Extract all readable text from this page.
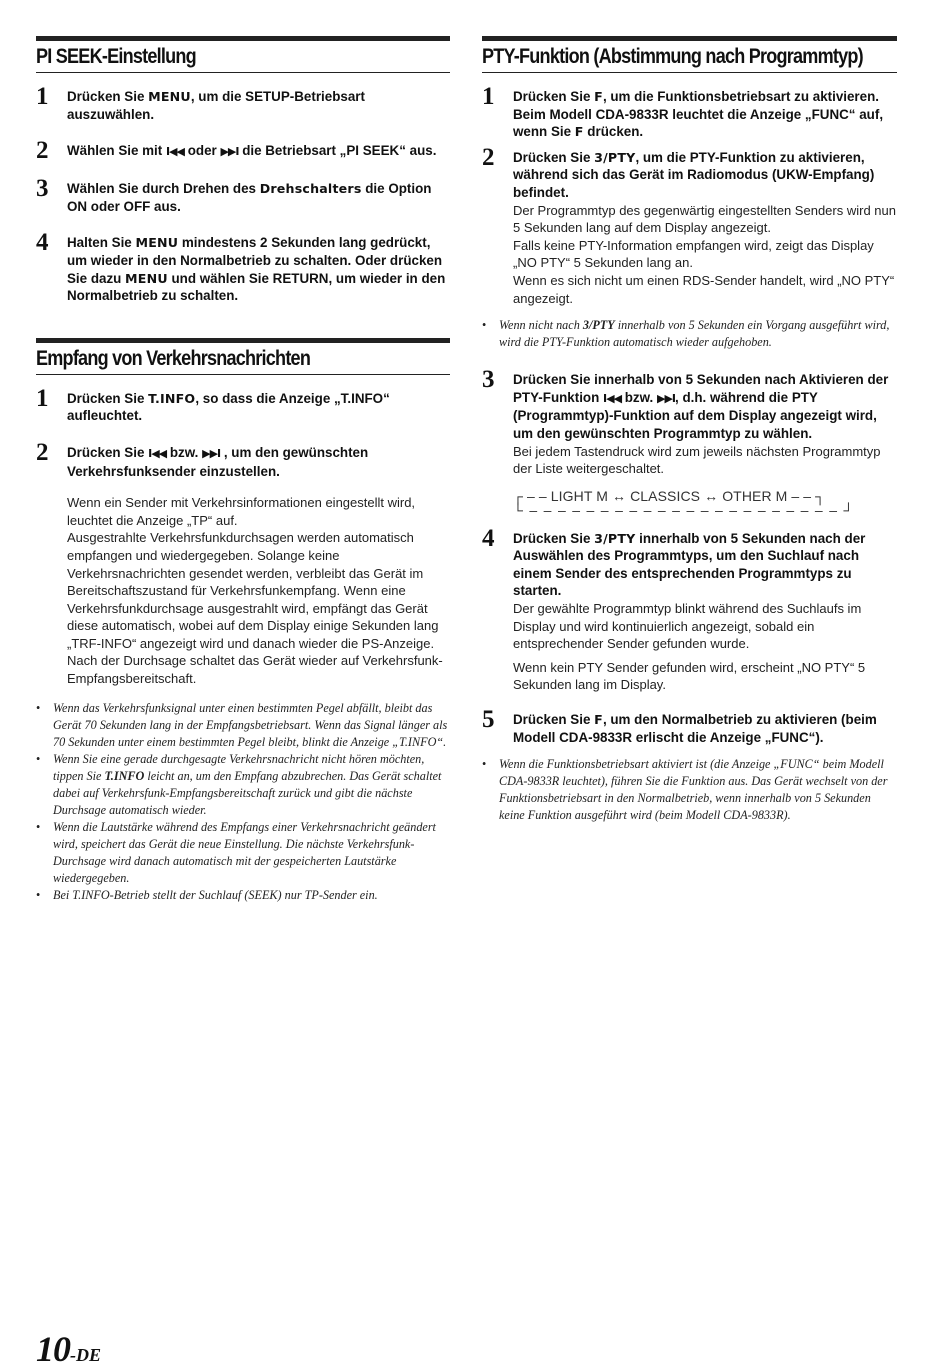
PI SEEK-Einstellung
1	Drücken Sie MENU, um die SETUP-Betriebsart auszuwählen.
2	Wählen Sie mit I◀◀ oder ▶▶I die Betriebsart „PI SEEK“ aus.
3	Wählen Sie durch Drehen des Drehschalters die Option ON oder OFF aus.
4	Halten Sie MENU mindestens 2 Sekunden lang gedrückt, um wieder in den Normalbetrieb zu schalten. Oder drücken Sie dazu MENU und wählen Sie RETURN, um wieder in den Normalbetrieb zu schalten.
Empfang von Verkehrsnachrichten
1	Drücken Sie T.INFO, so dass die Anzeige „T.INFO“ aufleuchtet.
2	Drücken Sie I◀◀ bzw. ▶▶I , um den gewünschten Verkehrsfunksender einzustellen.

Wenn ein Sender mit Verkehrsinformationen eingestellt wird, leuchtet die Anzeige „TP“ auf.

Ausgestrahlte Verkehrsfunkdurchsagen werden automatisch empfangen und wiedergegeben. Solange keine Verkehrsnachrichten gesendet werden, verbleibt das Gerät im Bereitschaftszustand für Verkehrsfunkempfang. Wenn eine Verkehrsfunkdurchsage ausgestrahlt wird, empfängt das Gerät diese automatisch, wobei auf dem Display einige Sekunden lang „TRF-INFO“ angezeigt wird und danach wieder die PS-Anzeige.

Nach der Durchsage schaltet das Gerät wieder auf Verkehrsfunk-Empfangsbereitschaft.

• Wenn das Verkehrsfunksignal unter einen bestimmten Pegel abfällt, bleibt das Gerät 70 Sekunden lang in der Empfangsbetriebsart. Wenn das Signal länger als 70 Sekunden unter einem bestimmten Pegel bleibt, blinkt die Anzeige „T.INFO“.
• Wenn Sie eine gerade durchgesagte Verkehrsnachricht nicht hören möchten, tippen Sie T.INFO leicht an, um den Empfang abzubrechen. Das Gerät schaltet dabei auf Verkehrsfunk-Empfangsbereitschaft zurück und gibt die nächste Durchsage automatisch wieder.
• Wenn die Lautstärke während des Empfangs einer Verkehrsnachricht geändert wird, speichert das Gerät die neue Einstellung. Die nächste Verkehrsfunk-Durchsage wird danach automatisch mit der gespeicherten Lautstärke wiedergegeben.
• Bei T.INFO-Betrieb stellt der Suchlauf (SEEK) nur TP-Sender ein.
PTY-Funktion (Abstimmung nach Programmtyp)
1	Drücken Sie F, um die Funktionsbetriebsart zu aktivieren. Beim Modell CDA-9833R leuchtet die Anzeige „FUNC“ auf, wenn Sie F drücken.
2	Drücken Sie 3/PTY, um die PTY-Funktion zu aktivieren, während sich das Gerät im Radiomodus (UKW-Empfang) befindet.

Der Programmtyp des gegenwärtig eingestellten Senders wird nun 5 Sekunden lang auf dem Display angezeigt.

Falls keine PTY-Information empfangen wird, zeigt das Display „NO PTY“ 5 Sekunden lang an.

Wenn es sich nicht um einen RDS-Sender handelt, wird „NO PTY“ angezeigt.

• Wenn nicht nach 3/PTY innerhalb von 5 Sekunden ein Vorgang ausgeführt wird, wird die PTY-Funktion automatisch wieder aufgehoben.
3	Drücken Sie innerhalb von 5 Sekunden nach Aktivieren der PTY-Funktion I◀◀ bzw. ▶▶I, d.h. während die PTY (Programmtyp)-Funktion auf dem Display angezeigt wird, um den gewünschten Programmtyp zu wählen.

Bei jedem Tastendruck wird zum jeweils nächsten Programmtyp der Liste weitergeschaltet.

┌ – – LIGHT M ↔ CLASSICS ↔ OTHER M – – ┐
└ – – – – – – – – – – – – – – – – – – – – – – ┘
4	Drücken Sie 3/PTY innerhalb von 5 Sekunden nach der Auswählen des Programmtyps, um den Suchlauf nach einem Sender des entsprechenden Programmtyps zu starten.

Der gewählte Programmtyp blinkt während des Suchlaufs im Display und wird kontinuierlich angezeigt, sobald ein entsprechender Sender gefunden wurde.

Wenn kein PTY Sender gefunden wird, erscheint „NO PTY“ 5 Sekunden lang im Display.

5	Drücken Sie F, um den Normalbetrieb zu aktivieren (beim Modell CDA-9833R erlischt die Anzeige „FUNC“).
• Wenn die Funktionsbetriebsart aktiviert ist (die Anzeige „FUNC“ beim Modell CDA-9833R leuchtet), führen Sie die Funktion aus. Das Gerät wechselt von der Funktionsbetriebsart in den Normalbetrieb, wenn innerhalb von 5 Sekunden keine Funktion ausgeführt wird (beim Modell CDA-9833R).
10-DE
